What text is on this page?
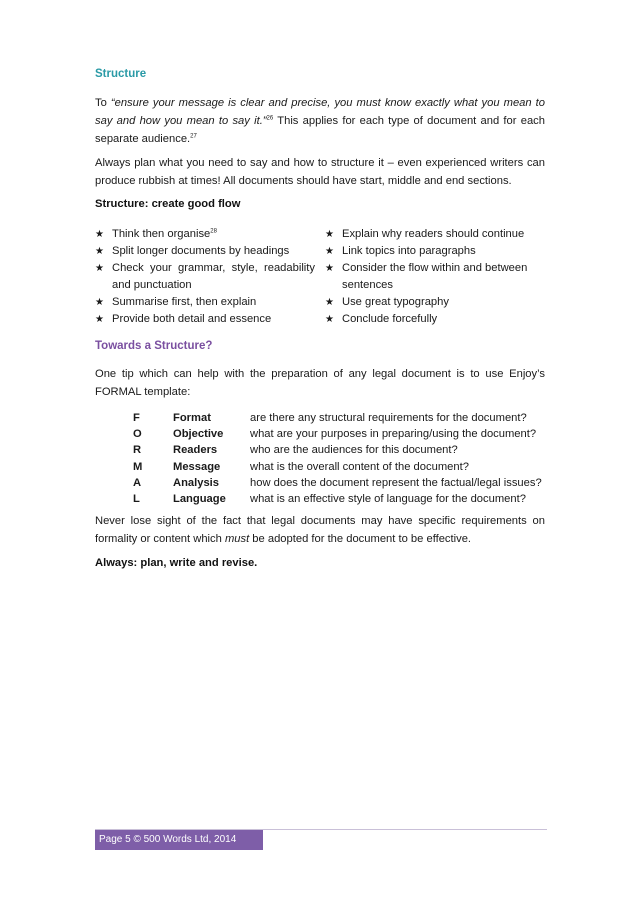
Structure
To “ensure your message is clear and precise, you must know exactly what you mean to say and how you mean to say it.”$^{26}$ This applies for each type of document and for each separate audience.$^{27}$
Always plan what you need to say and how to structure it – even experienced writers can produce rubbish at times! All documents should have start, middle and end sections.
Structure: create good flow
★ Think then organise$^{28}$
★ Split longer documents by headings
★ Check your grammar, style, readability and punctuation
★ Summarise first, then explain
★ Provide both detail and essence
★ Explain why readers should continue
★ Link topics into paragraphs
★ Consider the flow within and between sentences
★ Use great typography
★ Conclude forcefully
Towards a Structure?
One tip which can help with the preparation of any legal document is to use Enjoy’s FORMAL template:
F	Format	are there any structural requirements for the document?
O	Objective what are your purposes in preparing/using the document?
R	Readers	who are the audiences for this document?
M	Message	what is the overall content of the document?
A	Analysis	how does the document represent the factual/legal issues?
L	Language what is an effective style of language for the document?
Never lose sight of the fact that legal documents may have specific requirements on formality or content which must be adopted for the document to be effective.
Always: plan, write and revise.
Page 5 © 500 Words Ltd, 2014
